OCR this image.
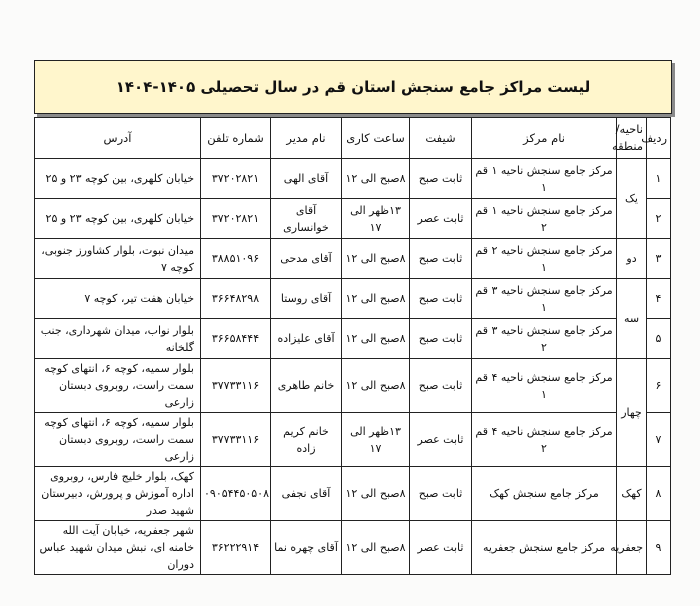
لیست مراکز جامع سنجش استان قم در سال تحصیلی ۱۴۰۵-۱۴۰۴
ردیف	ناحیه/ منطقه	نام مرکز	شیفت	ساعت کاری	نام مدیر	شماره تلفن	آدرس
۱	یک	مرکز جامع سنجش ناحیه ۱ قم ۱	ثابت صبح	۸صبح الی ۱۲	آقای الهی	۳۷۲۰۲۸۲۱	خیابان کلهری، بین کوچه ۲۳ و ۲۵
۲		مرکز جامع سنجش ناحیه ۱ قم ۲	ثابت عصر	۱۳ظهر الی ۱۷	آقای خوانساری	۳۷۲۰۲۸۲۱	خیابان کلهری، بین کوچه ۲۳ و ۲۵
۳	دو	مرکز جامع سنجش ناحیه ۲ قم ۱	ثابت صبح	۸صبح الی ۱۲	آقای مدحی	۳۸۸۵۱۰۹۶	میدان نبوت، بلوار کشاورز جنوبی، کوچه ۷
۴	سه	مرکز جامع سنجش ناحیه ۳ قم ۱	ثابت صبح	۸صبح الی ۱۲	آقای روستا	۳۶۶۴۸۲۹۸	خیابان هفت تیر، کوچه ۷
۵		مرکز جامع سنجش ناحیه ۳ قم ۲	ثابت صبح	۸صبح الی ۱۲	آقای علیزاده	۳۶۶۵۸۴۴۴	بلوار نواب، میدان شهرداری، جنب گلخانه
۶	چهار	مرکز جامع سنجش ناحیه ۴ قم ۱	ثابت صبح	۸صبح الی ۱۲	خانم طاهری	۳۷۷۳۳۱۱۶	بلوار سمیه، کوچه ۶، انتهای کوچه سمت راست، روبروی دبستان زارعی
۷		مرکز جامع سنجش ناحیه ۴ قم ۲	ثابت عصر	۱۳ظهر الی ۱۷	خانم کریم زاده	۳۷۷۳۳۱۱۶	بلوار سمیه، کوچه ۶، انتهای کوچه سمت راست، روبروی دبستان زارعی
۸	کهک	مرکز جامع سنجش کهک	ثابت صبح	۸صبح الی ۱۲	آقای نجفی	۰۹۰۵۴۴۵۰۵۰۸	کهک، بلوار خلیج فارس، روبروی اداره آموزش و پرورش، دبیرستان شهید صدر
۹	جعفریه	مرکز جامع سنجش جعفریه	ثابت عصر	۸صبح الی ۱۲	آقای چهره نما	۳۶۲۲۲۹۱۴	شهر جعفریه، خیابان آیت الله خامنه ای، نبش میدان شهید عباس دوران
